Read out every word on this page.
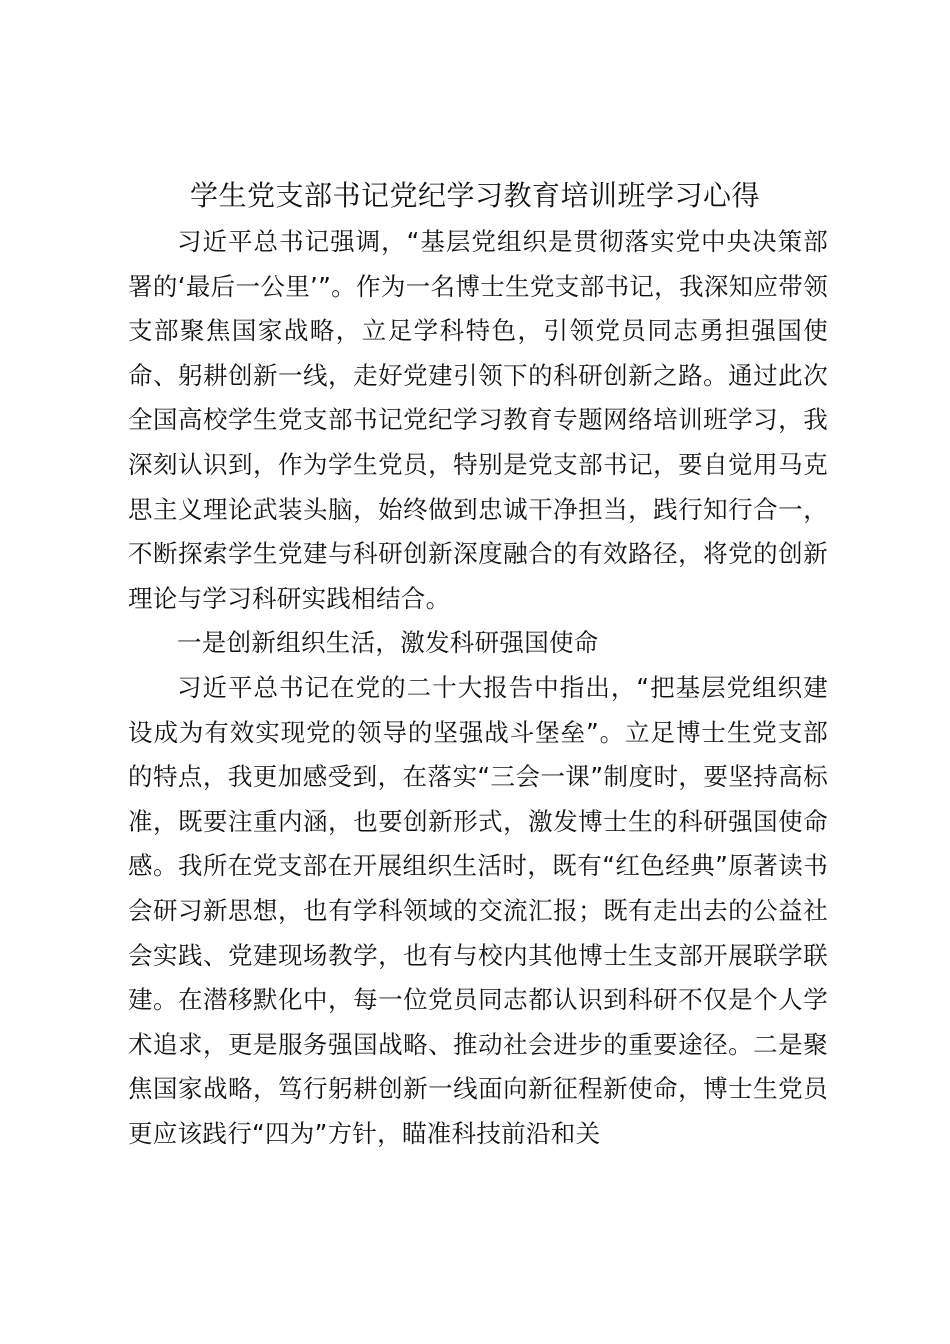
学生党支部书记党纪学习教育培训班学习心得

习近平总书记强调，“基层党组织是贯彻落实党中央决策部署的‘最后一公里’”。作为一名博士生党支部书记，我深知应带领支部聚焦国家战略，立足学科特色，引领党员同志勇担强国使命、躬耕创新一线，走好党建引领下的科研创新之路。通过此次全国高校学生党支部书记党纪学习教育专题网络培训班学习，我深刻认识到，作为学生党员，特别是党支部书记，要自觉用马克思主义理论武装头脑，始终做到忠诚干净担当，践行知行合一，不断探索学生党建与科研创新深度融合的有效路径，将党的创新理论与学习科研实践相结合。

一是创新组织生活，激发科研强国使命

习近平总书记在党的二十大报告中指出，“把基层党组织建设成为有效实现党的领导的坚强战斗堡垒”。立足博士生党支部的特点，我更加感受到，在落实“三会一课”制度时，要坚持高标准，既要注重内涵，也要创新形式，激发博士生的科研强国使命感。我所在党支部在开展组织生活时，既有“红色经典”原著读书会研习新思想，也有学科领域的交流汇报；既有走出去的公益社会实践、党建现场教学，也有与校内其他博士生支部开展联学联建。在潜移默化中，每一位党员同志都认识到科研不仅是个人学术追求，更是服务强国战略、推动社会进步的重要途径。二是聚焦国家战略，笃行躬耕创新一线面向新征程新使命，博士生党员更应该践行“四为”方针，瞄准科技前沿和关
